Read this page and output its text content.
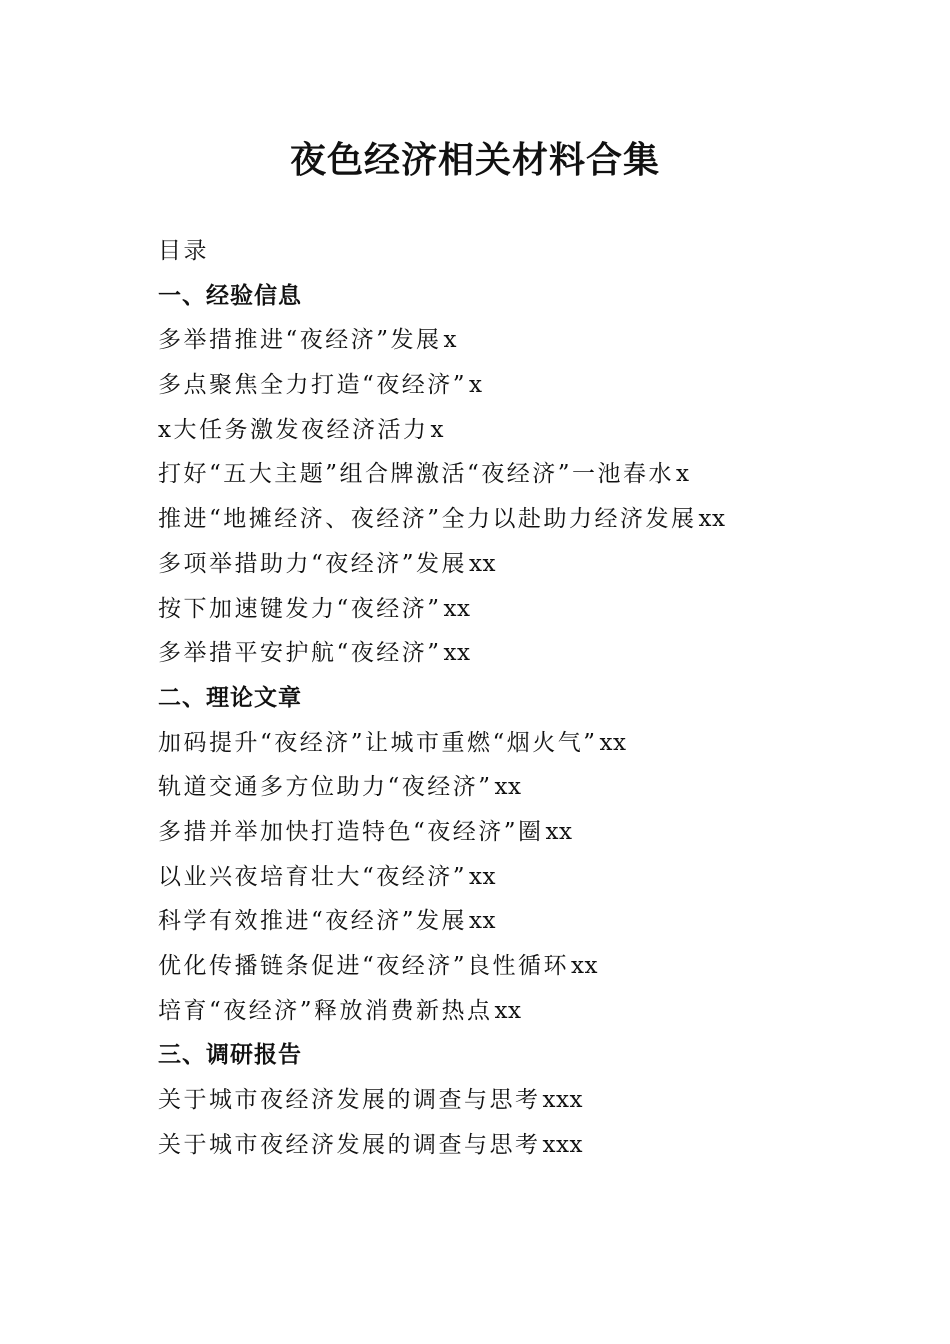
夜色经济相关材料合集
目录
一、经验信息
多举措推进“夜经济”发展x
多点聚焦全力打造“夜经济”x
x大任务激发夜经济活力x
打好“五大主题”组合牌激活“夜经济”一池春水x
推进“地摊经济、夜经济”全力以赴助力经济发展xx
多项举措助力“夜经济”发展xx
按下加速键发力“夜经济”xx
多举措平安护航“夜经济”xx
二、理论文章
加码提升“夜经济”让城市重燃“烟火气”xx
轨道交通多方位助力“夜经济”xx
多措并举加快打造特色“夜经济”圈xx
以业兴夜培育壮大“夜经济”xx
科学有效推进“夜经济”发展xx
优化传播链条促进“夜经济”良性循环xx
培育“夜经济”释放消费新热点xx
三、调研报告
关于城市夜经济发展的调查与思考xxx
关于城市夜经济发展的调查与思考xxx
